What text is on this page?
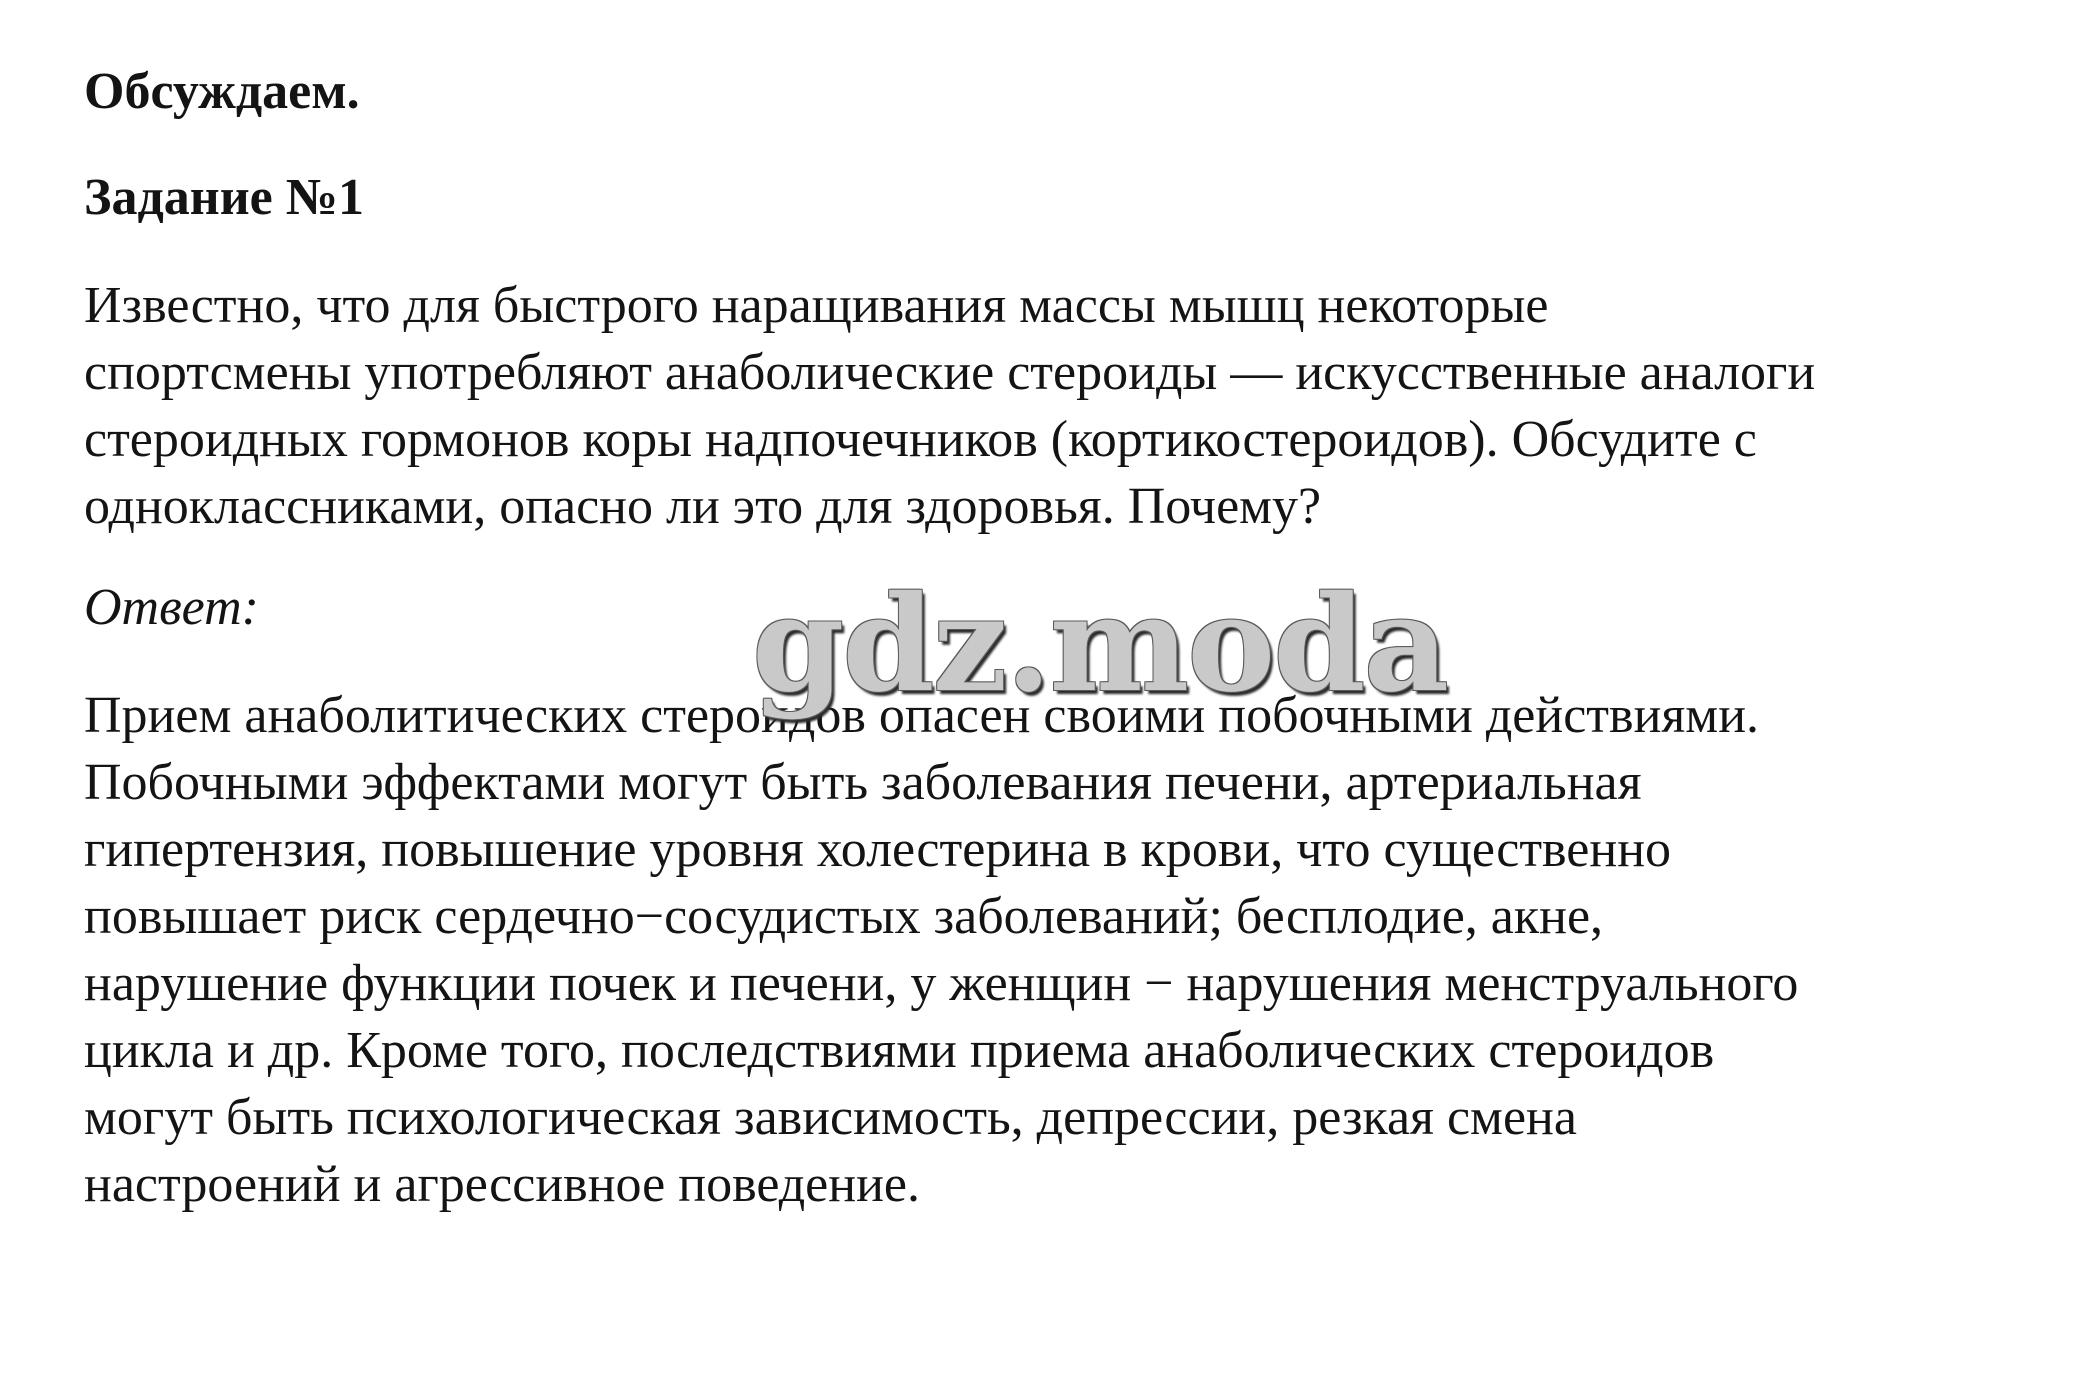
Обсуждаем.

Задание №1

Известно, что для быстрого наращивания массы мышц некоторые

спортсмены употребляют анаболические стероиды — искусственные аналоги

стероидных гормонов коры надпочечников (кортикостероидов). Обсудите с

одноклассниками, опасно ли это для здоровья. Почему?

Ответ:

Прием анаболитических стероидов опасен своими побочными действиями.

Побочными эффектами могут быть заболевания печени, артериальная

гипертензия, повышение уровня холестерина в крови, что существенно

повышает риск сердечно−сосудистых заболеваний; бесплодие, акне,

нарушение функции почек и печени, у женщин − нарушения менструального

цикла и др. Кроме того, последствиями приема анаболических стероидов

могут быть психологическая зависимость, депрессии, резкая смена

настроений и агрессивное поведение.

gdz.moda
